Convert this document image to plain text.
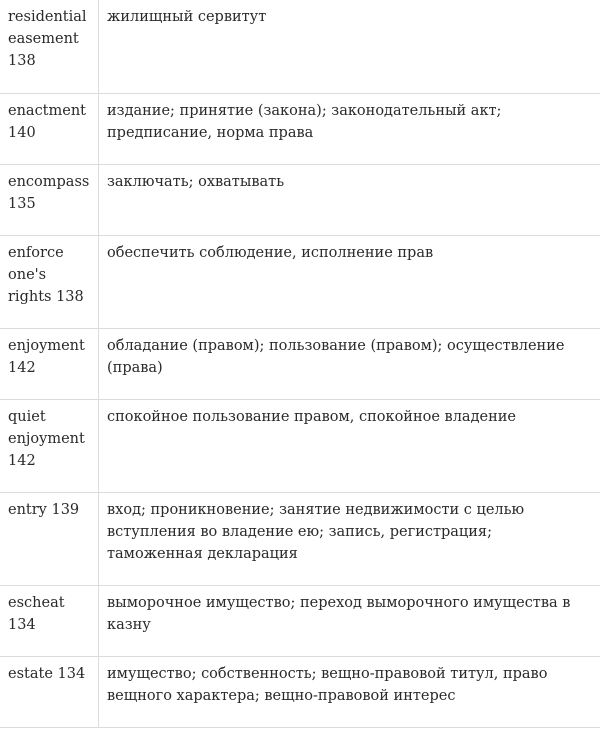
residential easement 138	жилищный сервитут
enactment 140	издание; принятие (закона); законодательный акт; предписание, норма права
encompass 135	заключать; охватывать
enforce one's rights 138	обеспечить соблюдение, исполнение прав
enjoyment 142	обладание (правом); пользование (правом); осуществление (права)
quiet enjoyment 142	спокойное пользование правом, спокойное владение
entry 139	вход; проникновение; занятие недвижимости с целью вступления во владение ею; запись, регистрация; таможенная декларация
escheat 134	выморочное имущество; переход выморочного имущества в казну
estate 134	имущество; собственность; вещно-правовой титул, право вещного характера; вещно-правовой интерес
